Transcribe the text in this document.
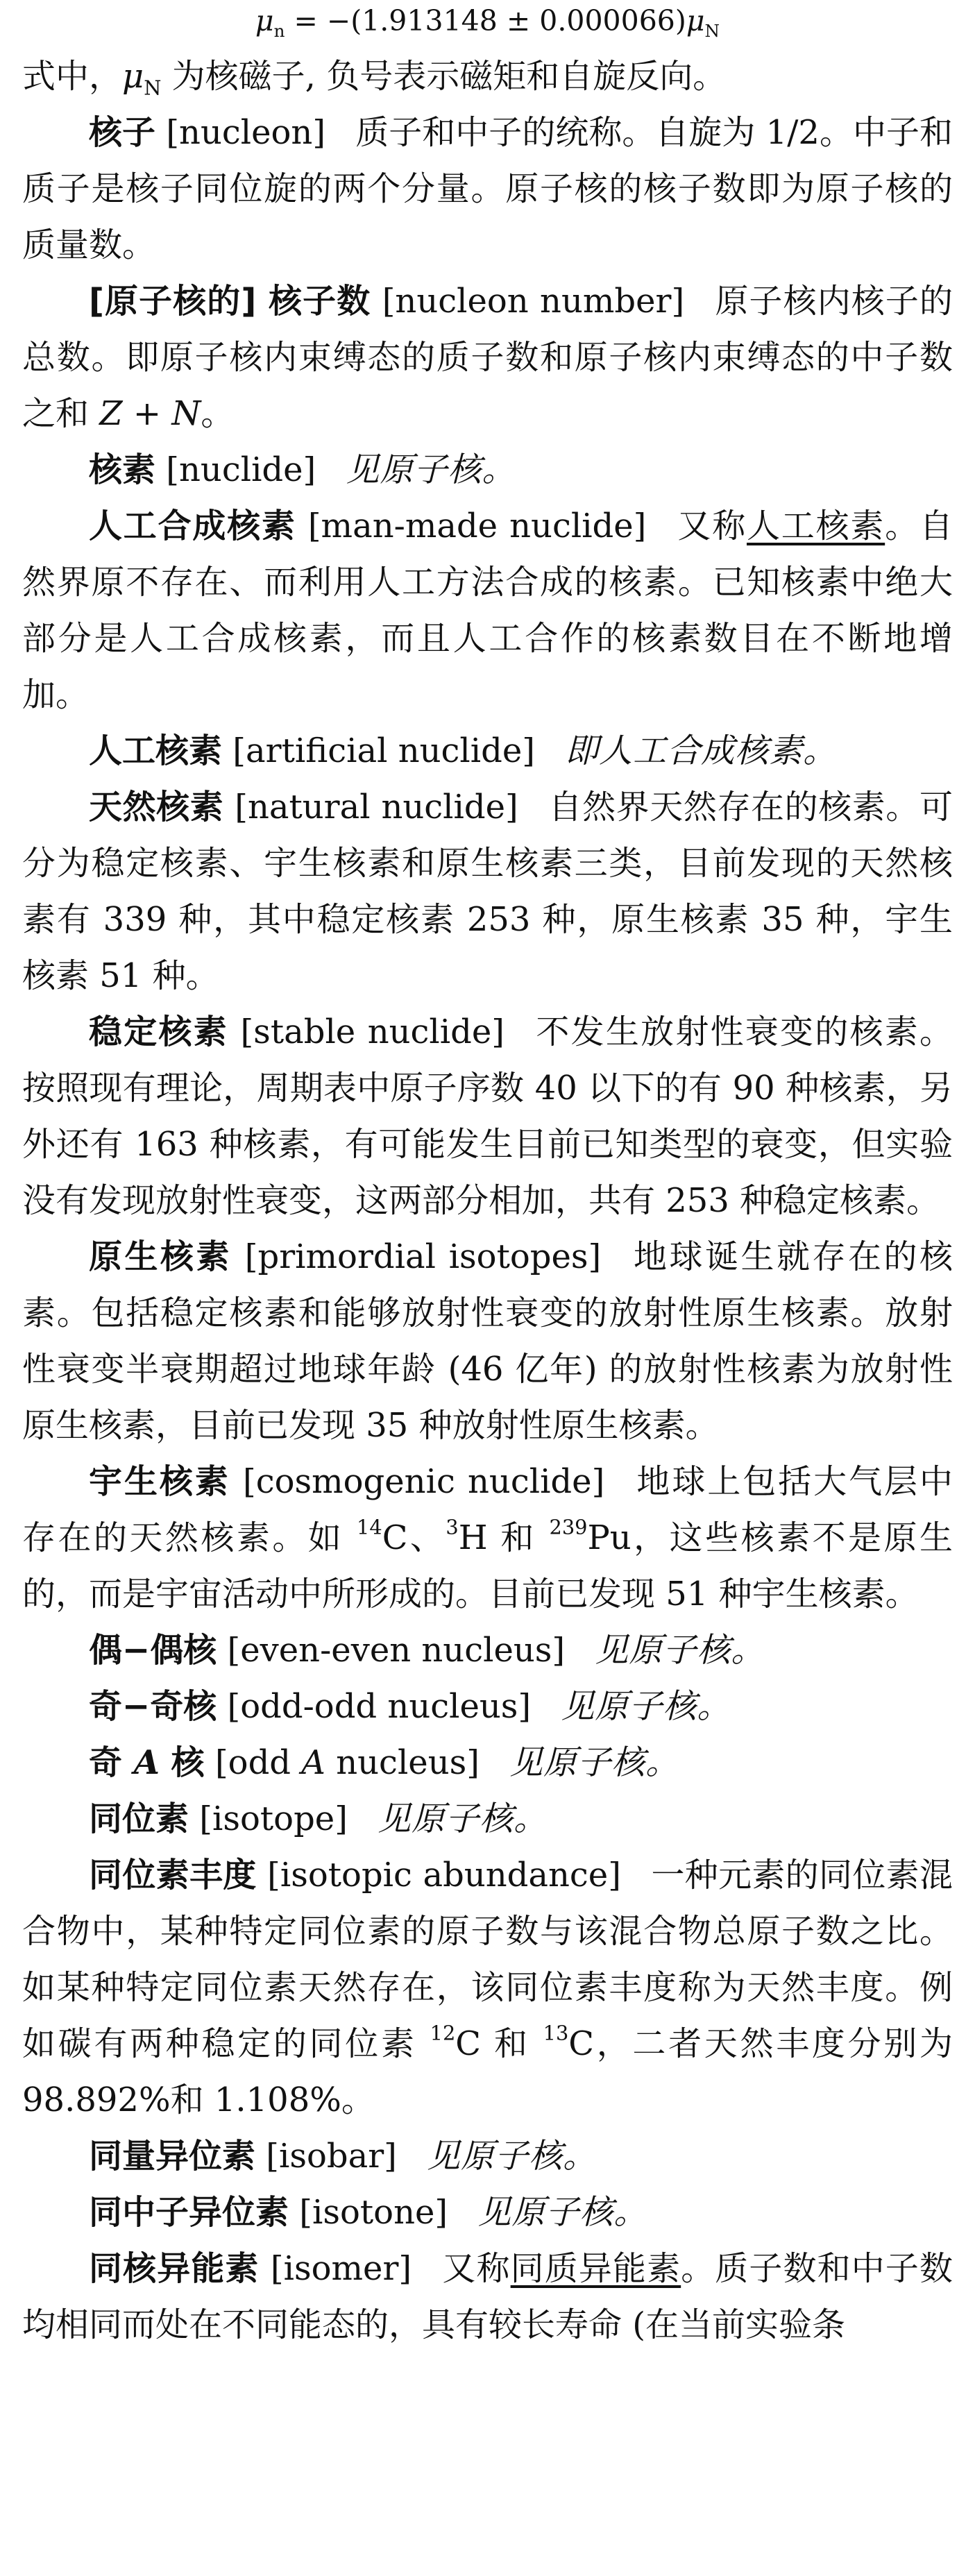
$\mu_n = -(1.913148 \pm 0.000066)\mu_N$

式中，$\mu_N$ 为核磁子, 负号表示磁矩和自旋反向。

核子 [nucleon] 质子和中子的统称。自旋为 1/2。中子和质子是核子同位旋的两个分量。原子核的核子数即为原子核的质量数。

[原子核的] 核子数 [nucleon number] 原子核内核子的总数。即原子核内束缚态的质子数和原子核内束缚态的中子数之和 Z + N。

核素 [nuclide] 见原子核。

人工合成核素 [man-made nuclide] 又称人工核素。自然界原不存在、而利用人工方法合成的核素。已知核素中绝大部分是人工合成核素，而且人工合作的核素数目在不断地增加。

人工核素 [artificial nuclide] 即人工合成核素。

天然核素 [natural nuclide] 自然界天然存在的核素。可分为稳定核素、宇生核素和原生核素三类，目前发现的天然核素有 339 种，其中稳定核素 253 种，原生核素 35 种，宇生核素 51 种。

稳定核素 [stable nuclide] 不发生放射性衰变的核素。按照现有理论，周期表中原子序数 40 以下的有 90 种核素，另外还有 163 种核素，有可能发生目前已知类型的衰变，但实验没有发现放射性衰变，这两部分相加，共有 253 种稳定核素。

原生核素 [primordial isotopes] 地球诞生就存在的核素。包括稳定核素和能够放射性衰变的放射性原生核素。放射性衰变半衰期超过地球年龄 (46 亿年) 的放射性核素为放射性原生核素，目前已发现 35 种放射性原生核素。

宇生核素 [cosmogenic nuclide] 地球上包括大气层中存在的天然核素。如 $^{14}$C、$^3$H 和 $^{239}$Pu，这些核素不是原生的，而是宇宙活动中所形成的。目前已发现 51 种宇生核素。

偶−偶核 [even-even nucleus] 见原子核。

奇−奇核 [odd-odd nucleus] 见原子核。

奇 A 核 [odd A nucleus] 见原子核。

同位素 [isotope] 见原子核。

同位素丰度 [isotopic abundance] 一种元素的同位素混合物中，某种特定同位素的原子数与该混合物总原子数之比。如某种特定同位素天然存在，该同位素丰度称为天然丰度。例如碳有两种稳定的同位素 $^{12}$C 和 $^{13}$C，二者天然丰度分别为 98.892%和 1.108%。

同量异位素 [isobar] 见原子核。

同中子异位素 [isotone] 见原子核。

同核异能素 [isomer] 又称同质异能素。质子数和中子数均相同而处在不同能态的，具有较长寿命 (在当前实验条
